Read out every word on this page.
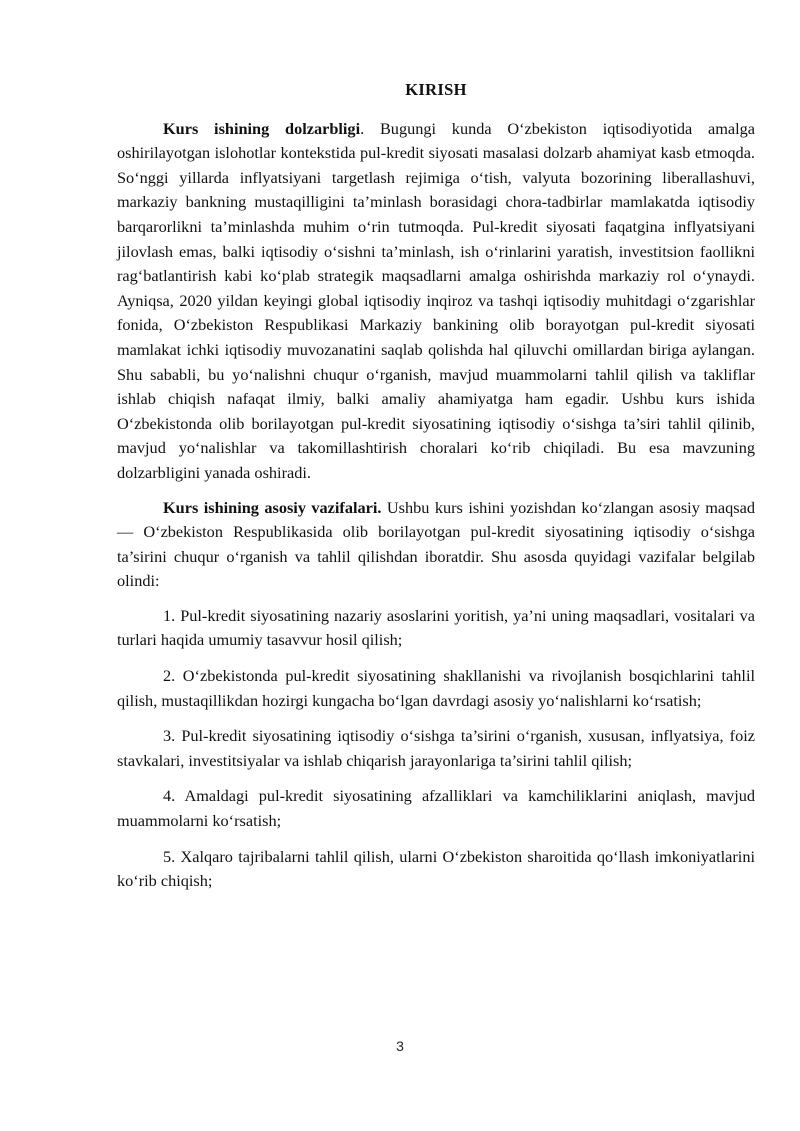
KIRISH

Kurs ishining dolzarbligi. Bugungi kunda O‘zbekiston iqtisodiyotida amalga oshirilayotgan islohotlar kontekstida pul-kredit siyosati masalasi dolzarb ahamiyat kasb etmoqda. So‘nggi yillarda inflyatsiyani targetlash rejimiga o‘tish, valyuta bozorining liberallashuvi, markaziy bankning mustaqilligini ta’minlash borasidagi chora-tadbirlar mamlakatda iqtisodiy barqarorlikni ta’minlashda muhim o‘rin tutmoqda. Pul-kredit siyosati faqatgina inflyatsiyani jilovlash emas, balki iqtisodiy o‘sishni ta’minlash, ish o‘rinlarini yaratish, investitsion faollikni rag‘batlantirish kabi ko‘plab strategik maqsadlarni amalga oshirishda markaziy rol o‘ynaydi. Ayniqsa, 2020 yildan keyingi global iqtisodiy inqiroz va tashqi iqtisodiy muhitdagi o‘zgarishlar fonida, O‘zbekiston Respublikasi Markaziy bankining olib borayotgan pul-kredit siyosati mamlakat ichki iqtisodiy muvozanatini saqlab qolishda hal qiluvchi omillardan biriga aylangan. Shu sababli, bu yo‘nalishni chuqur o‘rganish, mavjud muammolarni tahlil qilish va takliflar ishlab chiqish nafaqat ilmiy, balki amaliy ahamiyatga ham egadir. Ushbu kurs ishida O‘zbekistonda olib borilayotgan pul-kredit siyosatining iqtisodiy o‘sishga ta’siri tahlil qilinib, mavjud yo‘nalishlar va takomillashtirish choralari ko‘rib chiqiladi. Bu esa mavzuning dolzarbligini yanada oshiradi.

Kurs ishining asosiy vazifalari. Ushbu kurs ishini yozishdan ko‘zlangan asosiy maqsad — O‘zbekiston Respublikasida olib borilayotgan pul-kredit siyosatining iqtisodiy o‘sishga ta’sirini chuqur o‘rganish va tahlil qilishdan iboratdir. Shu asosda quyidagi vazifalar belgilab olindi:

1. Pul-kredit siyosatining nazariy asoslarini yoritish, ya’ni uning maqsadlari, vositalari va turlari haqida umumiy tasavvur hosil qilish;

2. O‘zbekistonda pul-kredit siyosatining shakllanishi va rivojlanish bosqichlarini tahlil qilish, mustaqillikdan hozirgi kungacha bo‘lgan davrdagi asosiy yo‘nalishlarni ko‘rsatish;

3. Pul-kredit siyosatining iqtisodiy o‘sishga ta’sirini o‘rganish, xususan, inflyatsiya, foiz stavkalari, investitsiyalar va ishlab chiqarish jarayonlariga ta’sirini tahlil qilish;

4. Amaldagi pul-kredit siyosatining afzalliklari va kamchiliklarini aniqlash, mavjud muammolarni ko‘rsatish;

5. Xalqaro tajribalarni tahlil qilish, ularni O‘zbekiston sharoitida qo‘llash imkoniyatlarini ko‘rib chiqish;

3
